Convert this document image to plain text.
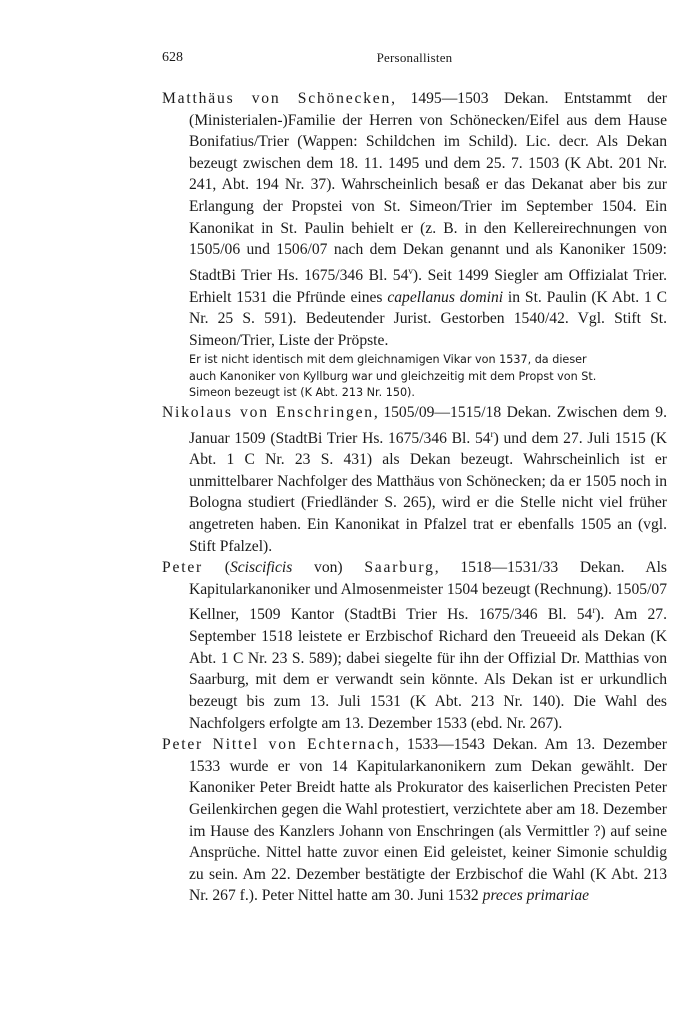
628	Personallisten

Matthäus von Schönecken, 1495—1503 Dekan. Entstammt der (Ministerialen-)Familie der Herren von Schönecken/Eifel aus dem Hause Bonifatius/Trier (Wappen: Schildchen im Schild). Lic. decr. Als Dekan bezeugt zwischen dem 18. 11. 1495 und dem 25. 7. 1503 (K Abt. 201 Nr. 241, Abt. 194 Nr. 37). Wahrscheinlich besaß er das Dekanat aber bis zur Erlangung der Propstei von St. Simeon/Trier im September 1504. Ein Kanonikat in St. Paulin behielt er (z. B. in den Kellereirechnungen von 1505/06 und 1506/07 nach dem Dekan genannt und als Kanoniker 1509: StadtBi Trier Hs. 1675/346 Bl. 54$^v$). Seit 1499 Siegler am Offizialat Trier. Erhielt 1531 die Pfründe eines capellanus domini in St. Paulin (K Abt. 1 C Nr. 25 S. 591). Bedeutender Jurist. Gestorben 1540/42. Vgl. Stift St. Simeon/Trier, Liste der Pröpste.

Er ist nicht identisch mit dem gleichnamigen Vikar von 1537, da dieser
auch Kanoniker von Kyllburg war und gleichzeitig mit dem Propst von St.
Simeon bezeugt ist (K Abt. 213 Nr. 150).

Nikolaus von Enschringen, 1505/09—1515/18 Dekan. Zwischen dem 9. Januar 1509 (StadtBi Trier Hs. 1675/346 Bl. 54$^r$) und dem 27. Juli 1515 (K Abt. 1 C Nr. 23 S. 431) als Dekan bezeugt. Wahrscheinlich ist er unmittelbarer Nachfolger des Matthäus von Schönecken; da er 1505 noch in Bologna studiert (Friedländer S. 265), wird er die Stelle nicht viel früher angetreten haben. Ein Kanonikat in Pfalzel trat er ebenfalls 1505 an (vgl. Stift Pfalzel).

Peter (Sciscificis von) Saarburg, 1518—1531/33 Dekan. Als Kapitularkanoniker und Almosenmeister 1504 bezeugt (Rechnung). 1505/07 Kellner, 1509 Kantor (StadtBi Trier Hs. 1675/346 Bl. 54$^r$). Am 27. September 1518 leistete er Erzbischof Richard den Treueeid als Dekan (K Abt. 1 C Nr. 23 S. 589); dabei siegelte für ihn der Offizial Dr. Matthias von Saarburg, mit dem er verwandt sein könnte. Als Dekan ist er urkundlich bezeugt bis zum 13. Juli 1531 (K Abt. 213 Nr. 140). Die Wahl des Nachfolgers erfolgte am 13. Dezember 1533 (ebd. Nr. 267).

Peter Nittel von Echternach, 1533—1543 Dekan. Am 13. Dezember 1533 wurde er von 14 Kapitularkanonikern zum Dekan gewählt. Der Kanoniker Peter Breidt hatte als Prokurator des kaiserlichen Precisten Peter Geilenkirchen gegen die Wahl protestiert, verzichtete aber am 18. Dezember im Hause des Kanzlers Johann von Enschringen (als Vermittler ?) auf seine Ansprüche. Nittel hatte zuvor einen Eid geleistet, keiner Simonie schuldig zu sein. Am 22. Dezember bestätigte der Erzbischof die Wahl (K Abt. 213 Nr. 267 f.). Peter Nittel hatte am 30. Juni 1532 preces primariae
